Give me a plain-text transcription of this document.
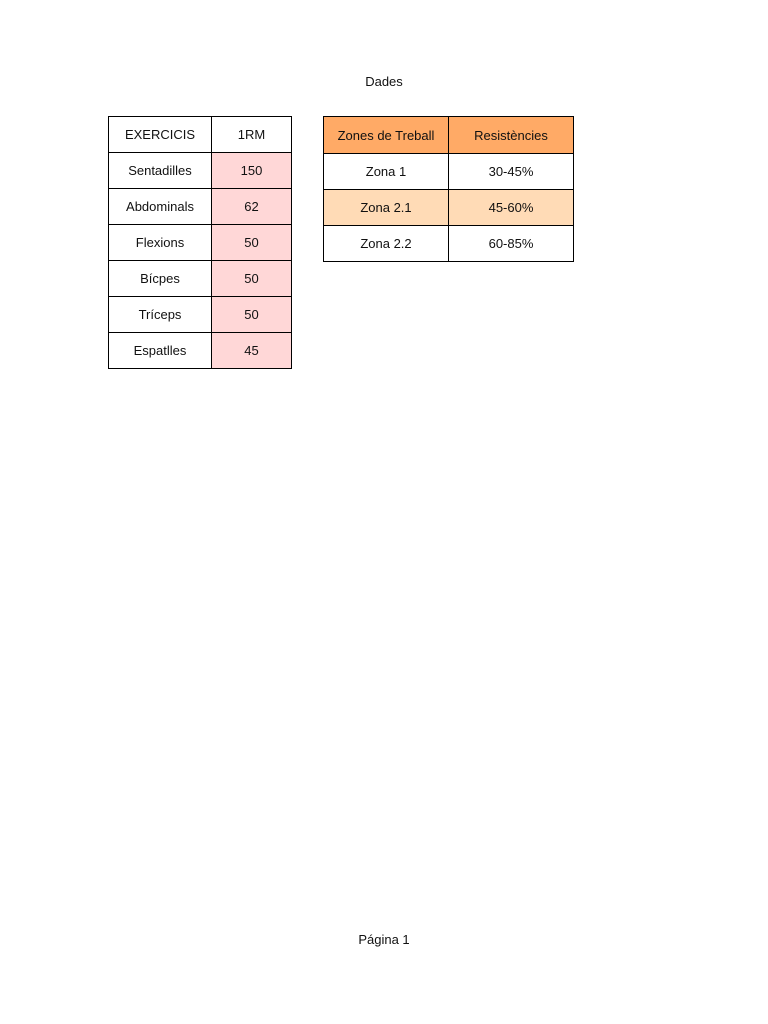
Dades
EXERCICIS	1RM
Sentadilles	150
Abdominals	62
Flexions	50
Bícpes	50
Tríceps	50
Espatlles	45
Zones de Treball	Resistències
Zona 1	30-45%
Zona 2.1	45-60%
Zona 2.2	60-85%
Página 1
